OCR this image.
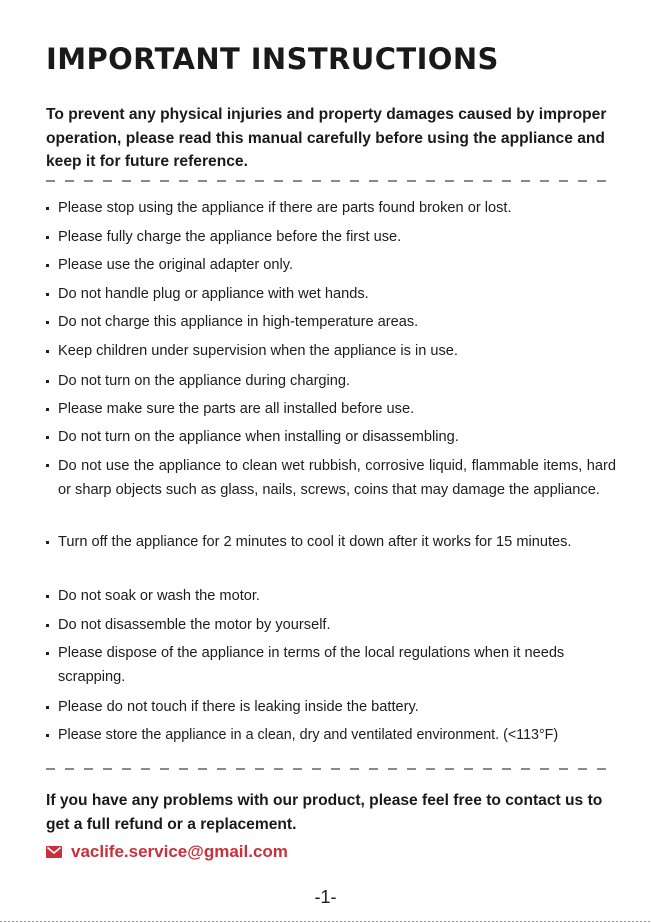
IMPORTANT INSTRUCTIONS

To prevent any physical injuries and property damages caused by improper operation, please read this manual carefully before using the appliance and keep it for future reference.

Please stop using the appliance if there are parts found broken or lost.
Please fully charge the appliance before the first use.
Please use the original adapter only.
Do not handle plug or appliance with wet hands.
Do not charge this appliance in high-temperature areas.
Keep children under supervision when the appliance is in use.
Do not turn on the appliance during charging.
Please make sure the parts are all installed before use.
Do not turn on the appliance when installing or disassembling.
Do not use the appliance to clean wet rubbish, corrosive liquid, flammable items, hard or sharp objects such as glass, nails, screws, coins that may damage the appliance.
Turn off the appliance for 2 minutes to cool it down after it works for 15 minutes.
Do not soak or wash the motor.
Do not disassemble the motor by yourself.
Please dispose of the appliance in terms of the local regulations when it needs scrapping.
Please do not touch if there is leaking inside the battery.
Please store the appliance in a clean, dry and ventilated environment. (<113°F)

If you have any problems with our product, please feel free to contact us to get a full refund or a replacement.

vaclife.service@gmail.com
-1-
